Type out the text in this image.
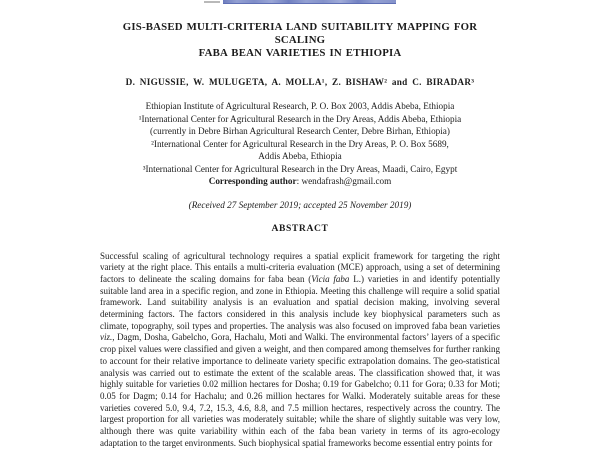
GIS-BASED MULTI-CRITERIA LAND SUITABILITY MAPPING FOR SCALING
FABA BEAN VARIETIES IN ETHIOPIA
D. NIGUSSIE, W. MULUGETA, A. MOLLA¹, Z. BISHAW² and C. BIRADAR³
Ethiopian Institute of Agricultural Research, P. O. Box 2003, Addis Abeba, Ethiopia
¹International Center for Agricultural Research in the Dry Areas, Addis Abeba, Ethiopia
(currently in Debre Birhan Agricultural Research Center, Debre Birhan, Ethiopia)
²International Center for Agricultural Research in the Dry Areas, P. O. Box 5689,
Addis Abeba, Ethiopia
³International Center for Agricultural Research in the Dry Areas, Maadi, Cairo, Egypt
Corresponding author: wendafrash@gmail.com
(Received 27 September 2019; accepted 25 November 2019)
ABSTRACT
Successful scaling of agricultural technology requires a spatial explicit framework for targeting the right variety at the right place. This entails a multi-criteria evaluation (MCE) approach, using a set of determining factors to delineate the scaling domains for faba bean (Vicia faba L.) varieties in and identify potentially suitable land area in a specific region, and zone in Ethiopia. Meeting this challenge will require a solid spatial framework. Land suitability analysis is an evaluation and spatial decision making, involving several determining factors. The factors considered in this analysis include key biophysical parameters such as climate, topography, soil types and properties. The analysis was also focused on improved faba bean varieties viz., Dagm, Dosha, Gabelcho, Gora, Hachalu, Moti and Walki. The environmental factors’ layers of a specific crop pixel values were classified and given a weight, and then compared among themselves for further ranking to account for their relative importance to delineate variety specific extrapolation domains. The geo-statistical analysis was carried out to estimate the extent of the scalable areas. The classification showed that, it was highly suitable for varieties 0.02 million hectares for Dosha; 0.19 for Gabelcho; 0.11 for Gora; 0.33 for Moti; 0.05 for Dagm; 0.14 for Hachalu; and 0.26 million hectares for Walki. Moderately suitable areas for these varieties covered 5.0, 9.4, 7.2, 15.3, 4.6, 8.8, and 7.5 million hectares, respectively across the country. The largest proportion for all varieties was moderately suitable; while the share of slightly suitable was very low, although there was quite variability within each of the faba bean variety in terms of its agro-ecology adaptation to the target environments. Such biophysical spatial frameworks become essential entry points for
